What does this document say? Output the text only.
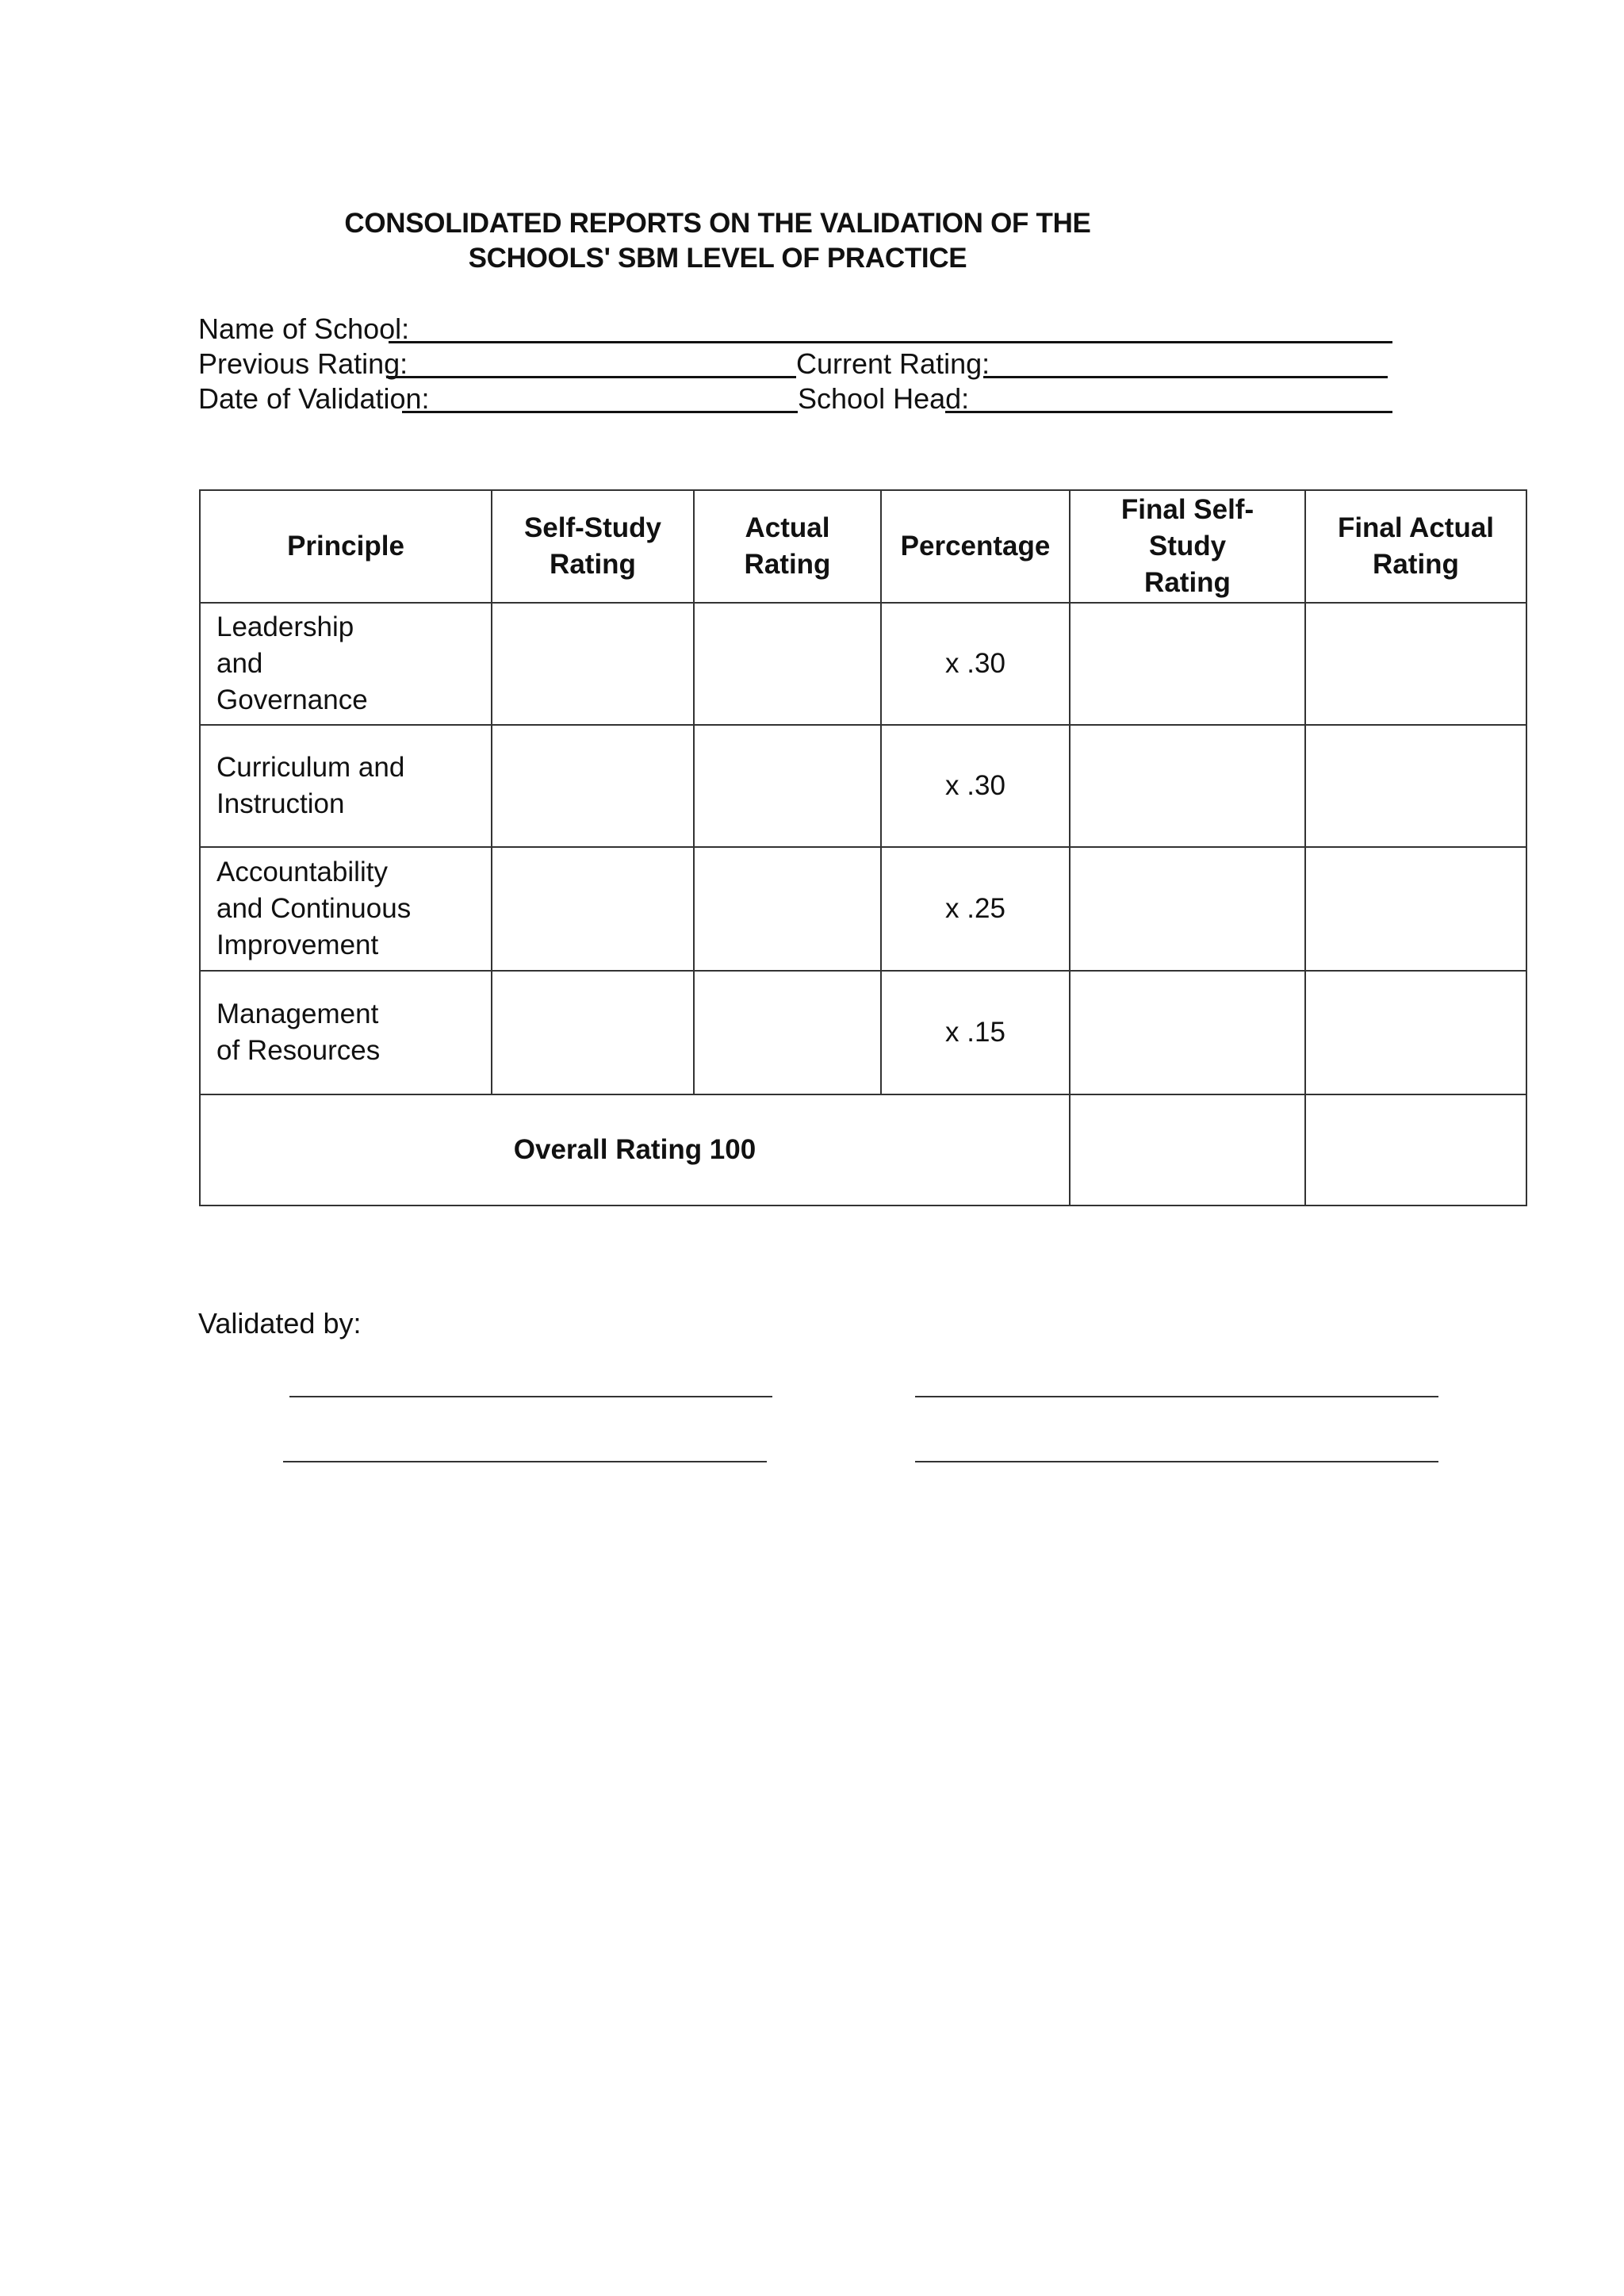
CONSOLIDATED REPORTS ON THE VALIDATION OF THE
SCHOOLS' SBM LEVEL OF PRACTICE
Name of School:
Previous Rating:	Current Rating:
Date of Validation:	School Head:
Principle	Self-Study Rating	Actual Rating	Percentage	Final Self-Study Rating	Final Actual Rating

Leadership and Governance			x .30		

Curriculum and Instruction			x .30		

Accountability and Continuous Improvement			x .25		

Management of Resources			x .15		
Overall Rating 100					
Validated by:
